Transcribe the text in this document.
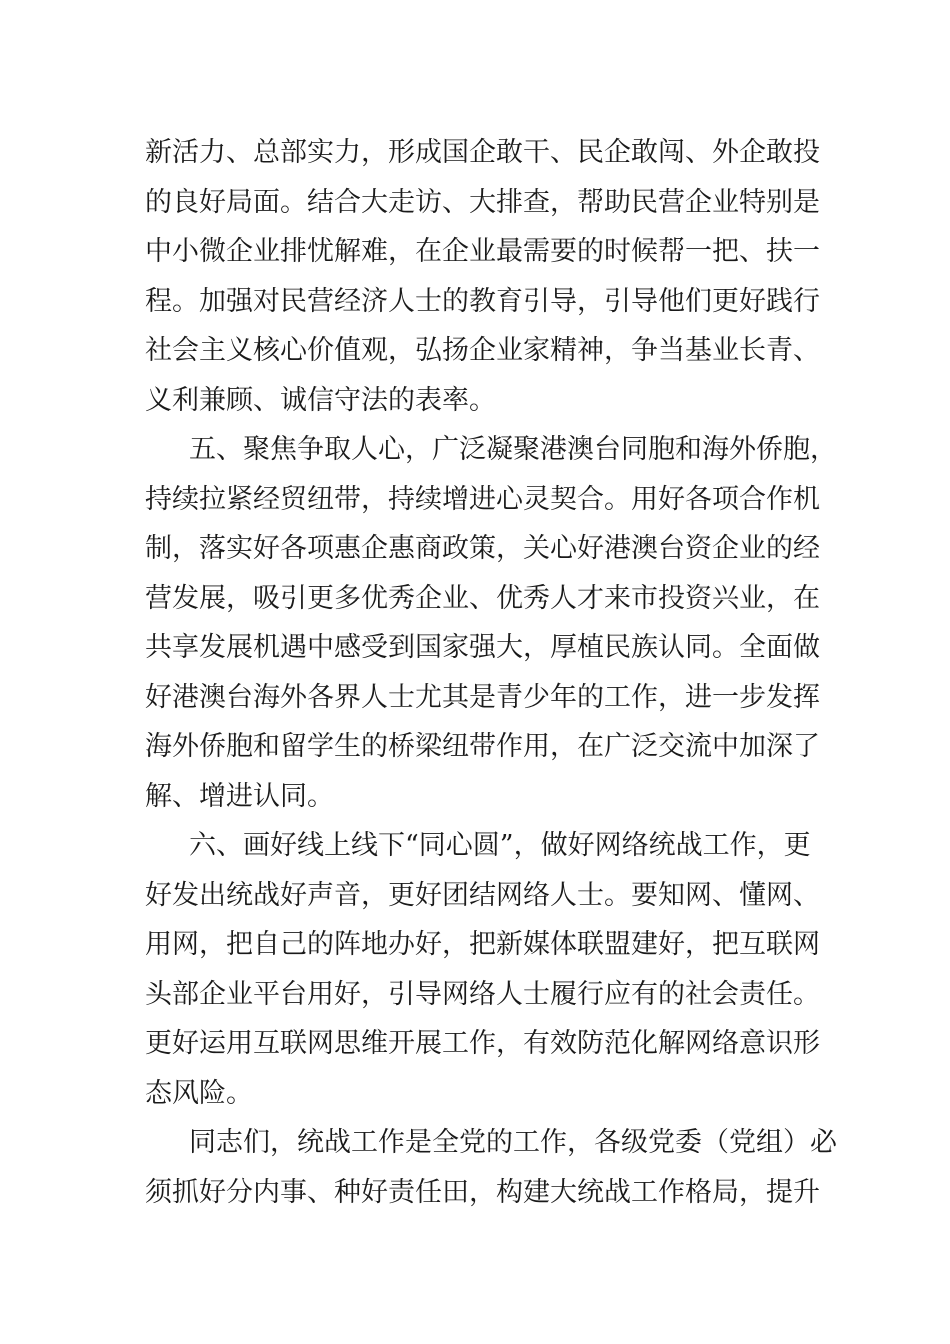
新活力、总部实力，形成国企敢干、民企敢闯、外企敢投
的良好局面。结合大走访、大排查，帮助民营企业特别是
中小微企业排忧解难，在企业最需要的时候帮一把、扶一
程。加强对民营经济人士的教育引导，引导他们更好践行
社会主义核心价值观，弘扬企业家精神，争当基业长青、
义利兼顾、诚信守法的表率。
五、聚焦争取人心，广泛凝聚港澳台同胞和海外侨胞，
持续拉紧经贸纽带，持续增进心灵契合。用好各项合作机
制，落实好各项惠企惠商政策，关心好港澳台资企业的经
营发展，吸引更多优秀企业、优秀人才来市投资兴业，在
共享发展机遇中感受到国家强大，厚植民族认同。全面做
好港澳台海外各界人士尤其是青少年的工作，进一步发挥
海外侨胞和留学生的桥梁纽带作用，在广泛交流中加深了
解、增进认同。
六、画好线上线下“同心圆”，做好网络统战工作，更
好发出统战好声音，更好团结网络人士。要知网、懂网、
用网，把自己的阵地办好，把新媒体联盟建好，把互联网
头部企业平台用好，引导网络人士履行应有的社会责任。
更好运用互联网思维开展工作，有效防范化解网络意识形
态风险。
同志们，统战工作是全党的工作，各级党委（党组）必
须抓好分内事、种好责任田，构建大统战工作格局，提升
